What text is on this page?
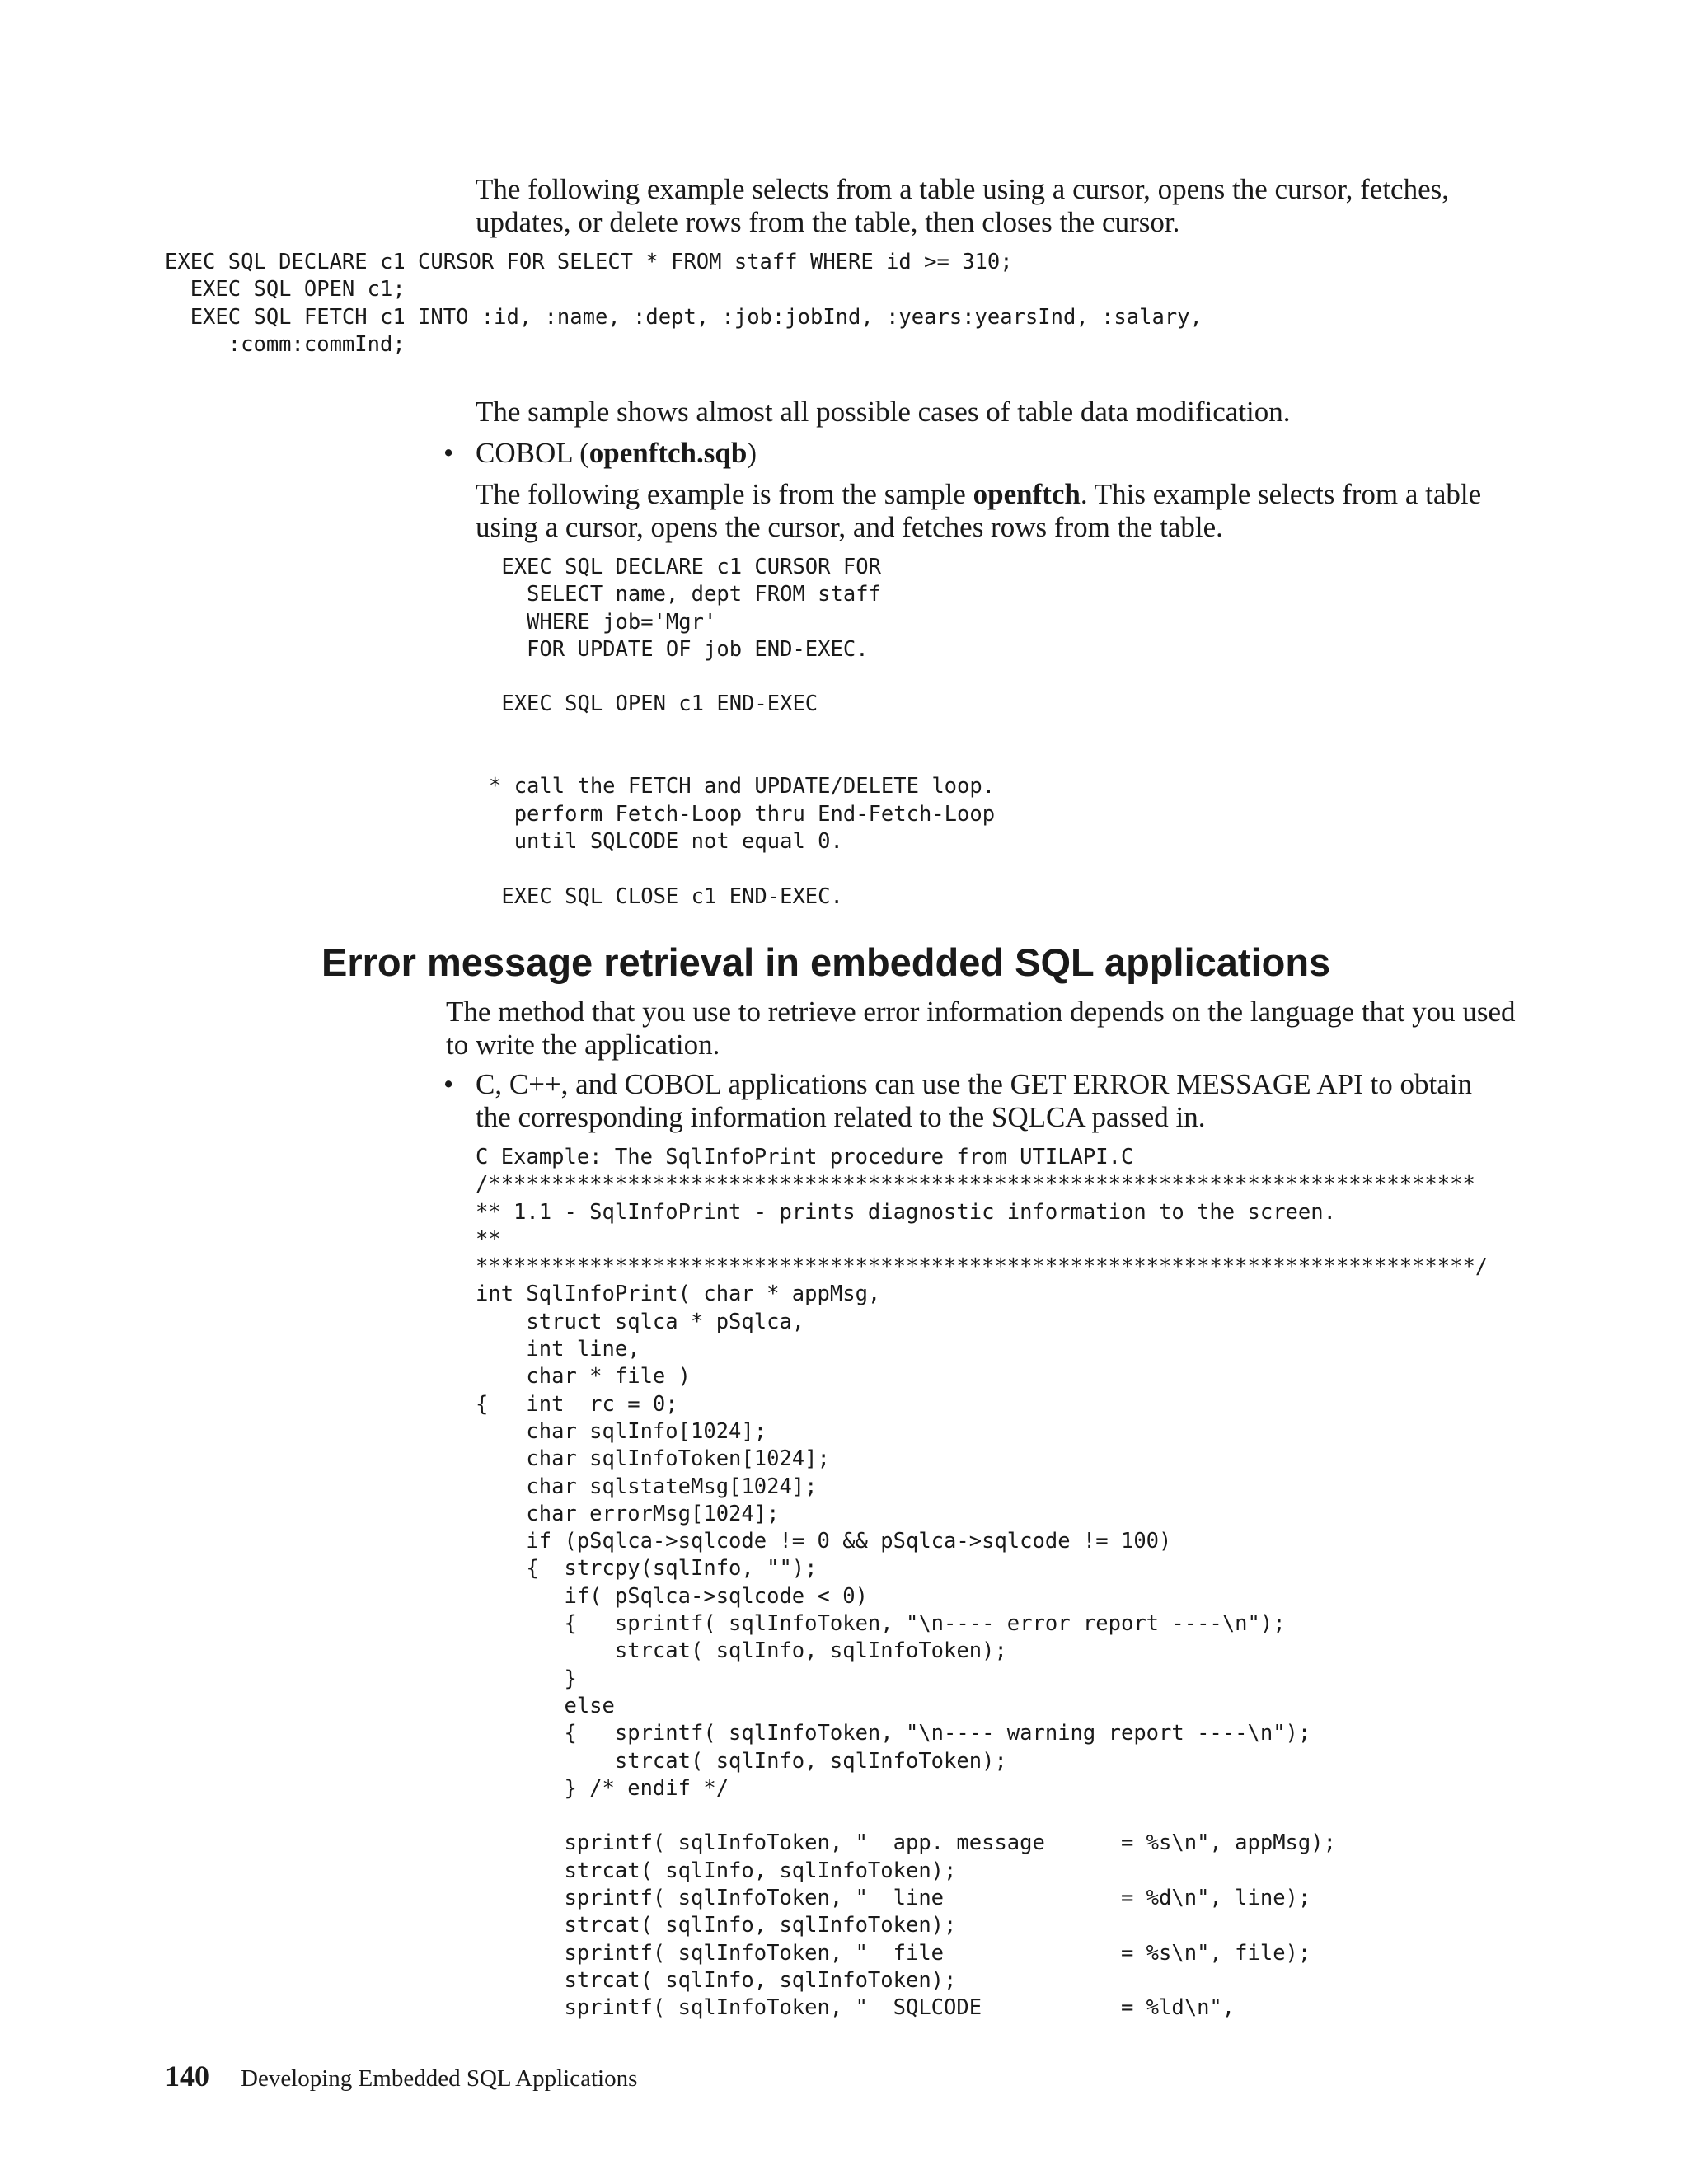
The following example selects from a table using a cursor, opens the cursor, fetches, updates, or delete rows from the table, then closes the cursor.
EXEC SQL DECLARE c1 CURSOR FOR SELECT * FROM staff WHERE id >= 310;
EXEC SQL OPEN c1;
EXEC SQL FETCH c1 INTO :id, :name, :dept, :job:jobInd, :years:yearsInd, :salary,
:comm:commInd;
The sample shows almost all possible cases of table data modification.
• COBOL (openftch.sqb)
The following example is from the sample openftch. This example selects from a table using a cursor, opens the cursor, and fetches rows from the table.
EXEC SQL DECLARE c1 CURSOR FOR
SELECT name, dept FROM staff
WHERE job='Mgr'
FOR UPDATE OF job END-EXEC.

EXEC SQL OPEN c1 END-EXEC

* call the FETCH and UPDATE/DELETE loop.
perform Fetch-Loop thru End-Fetch-Loop
until SQLCODE not equal 0.

EXEC SQL CLOSE c1 END-EXEC.
Error message retrieval in embedded SQL applications
The method that you use to retrieve error information depends on the language that you used to write the application.
• C, C++, and COBOL applications can use the GET ERROR MESSAGE API to obtain the corresponding information related to the SQLCA passed in.
C Example: The SqlInfoPrint procedure from UTILAPI.C
/******************************************************************************
** 1.1 - SqlInfoPrint - prints diagnostic information to the screen.
**
*******************************************************************************/
int SqlInfoPrint( char * appMsg,
struct sqlca * pSqlca,
int line,
char * file )
{   int  rc = 0;
char sqlInfo[1024];
char sqlInfoToken[1024];
char sqlstateMsg[1024];
char errorMsg[1024];
if (pSqlca->sqlcode != 0 && pSqlca->sqlcode != 100)
{  strcpy(sqlInfo, "");
if( pSqlca->sqlcode < 0)
{   sprintf( sqlInfoToken, "\n---- error report ----\n");
strcat( sqlInfo, sqlInfoToken);
}
else
{   sprintf( sqlInfoToken, "\n---- warning report ----\n");
strcat( sqlInfo, sqlInfoToken);
} /* endif */

sprintf( sqlInfoToken, "  app. message      = %s\n", appMsg);
strcat( sqlInfo, sqlInfoToken);
sprintf( sqlInfoToken, "  line              = %d\n", line);
strcat( sqlInfo, sqlInfoToken);
sprintf( sqlInfoToken, "  file              = %s\n", file);
strcat( sqlInfo, sqlInfoToken);
sprintf( sqlInfoToken, "  SQLCODE           = %ld\n",
140 Developing Embedded SQL Applications
